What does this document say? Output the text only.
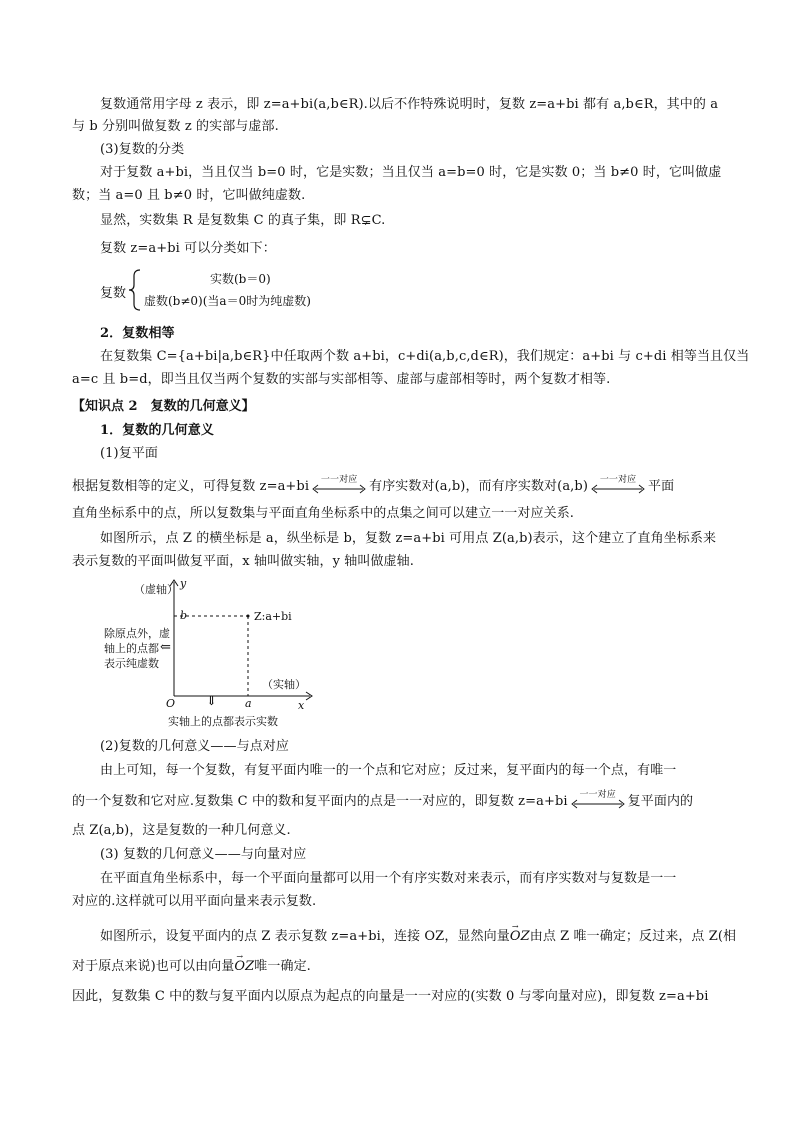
复数通常用字母 z 表示，即 z=a+bi(a,b∈R).以后不作特殊说明时，复数 z=a+bi 都有 a,b∈R，其中的 a
与 b 分别叫做复数 z 的实部与虚部.
(3)复数的分类
对于复数 a+bi，当且仅当 b=0 时，它是实数；当且仅当 a=b=0 时，它是实数 0；当 b≠0 时，它叫做虚
数；当 a=0 且 b≠0 时，它叫做纯虚数.
显然，实数集 R 是复数集 C 的真子集，即 R⊊C.
复数 z=a+bi 可以分类如下：
复数
实数(b＝0)
虚数(b≠0)(当a＝0时为纯虚数)
2．复数相等
在复数集 C={a+bi|a,b∈R}中任取两个数 a+bi，c+di(a,b,c,d∈R)，我们规定：a+bi 与 c+di 相等当且仅当
a=c 且 b=d，即当且仅当两个复数的实部与实部相等、虚部与虚部相等时，两个复数才相等.
【知识点 2　复数的几何意义】
1．复数的几何意义
(1)复平面
根据复数相等的定义，可得复数 z=a+bi	一一对应 有序实数对(a,b)，而有序实数对(a,b)	一一对应 平面
直角坐标系中的点，所以复数集与平面直角坐标系中的点集之间可以建立一一对应关系.
如图所示，点 Z 的横坐标是 a，纵坐标是 b，复数 z=a+bi 可用点 Z(a,b)表示，这个建立了直角坐标系来
表示复数的平面叫做复平面，x 轴叫做实轴，y 轴叫做虚轴.
（虚轴） y
b	Z:a+bi
除原点外，虚
轴上的点都
表示纯虚数
⇐
（实轴）
O ⇓	a	x
实轴上的点都表示实数
(2)复数的几何意义——与点对应
由上可知，每一个复数，有复平面内唯一的一个点和它对应；反过来，复平面内的每一个点，有唯一
的一个复数和它对应.复数集 C 中的数和复平面内的点是一一对应的，即复数 z=a+bi	一一对应 复平面内的
点 Z(a,b)，这是复数的一种几何意义.
(3) 复数的几何意义——与向量对应
在平面直角坐标系中，每一个平面向量都可以用一个有序实数对来表示，而有序实数对与复数是一一
对应的.这样就可以用平面向量来表示复数.
如图所示，设复平面内的点 Z 表示复数 z=a+bi，连接 OZ，显然向量→ OZ由点 Z 唯一确定；反过来，点 Z(相
对于原点来说)也可以由向量→ OZ唯一确定.
因此，复数集 C 中的数与复平面内以原点为起点的向量是一一对应的(实数 0 与零向量对应)，即复数 z=a+bi
